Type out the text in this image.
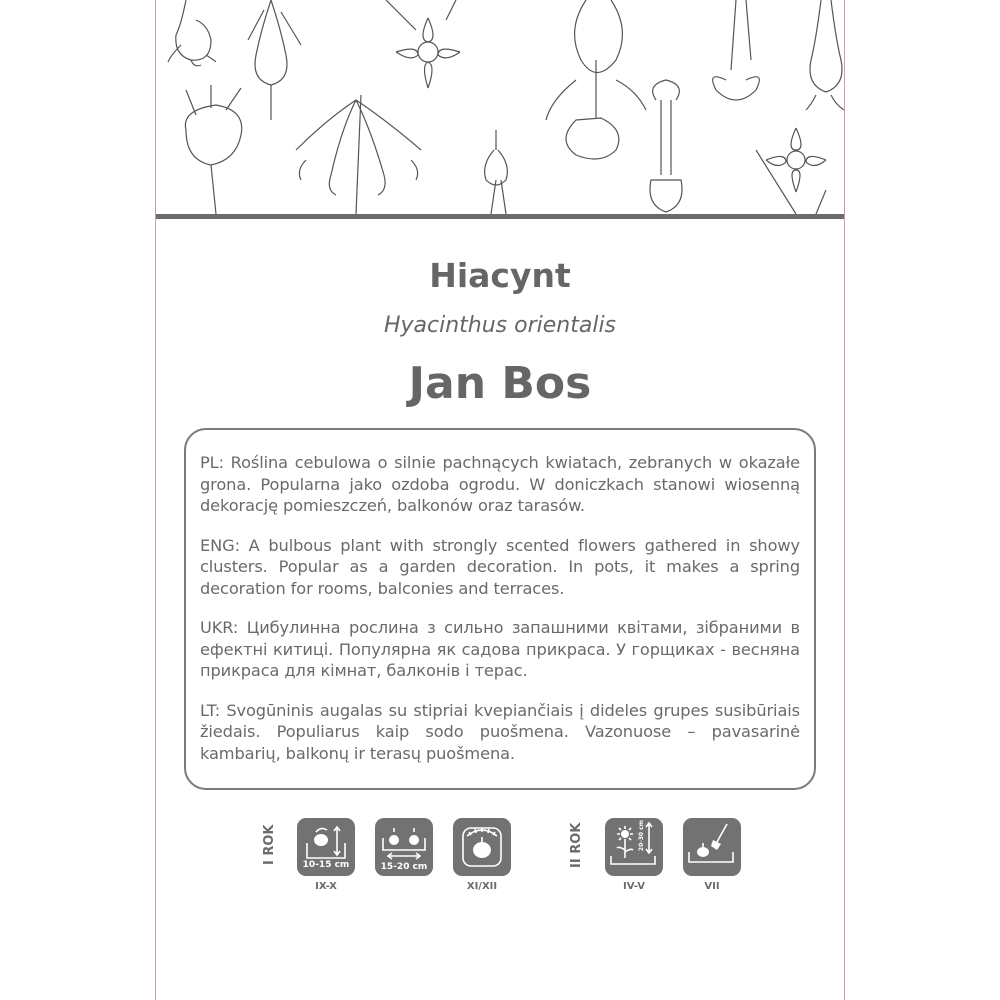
Hiacynt

Hyacinthus orientalis

Jan Bos

PL: Roślina cebulowa o silnie pachnących kwiatach, zebranych w okazałe grona. Popularna jako ozdoba ogrodu. W doniczkach stanowi wiosenną dekorację pomieszczeń, balkonów oraz tarasów.

ENG: A bulbous plant with strongly scented flowers gathered in showy clusters. Popular as a garden decoration. In pots, it makes a spring decoration for rooms, balconies and terraces.

UKR: Цибулинна рослина з сильно запашними квітами, зібраними в ефектні китиці. Популярна як садова прикраса. У горщиках - весняна прикраса для кімнат, балконів і терас.

LT: Svogūninis augalas su stipriai kvepiančiais į dideles grupes susibūriais žiedais. Populiarus kaip sodo puošmena. Vazonuose – pavasarinė kambarių, balkonų ir terasų puošmena.

I ROK	10-15 cm
IX-X
15-20 cm
XI/XII
II ROK	20-30 cm
IV-V	VII
